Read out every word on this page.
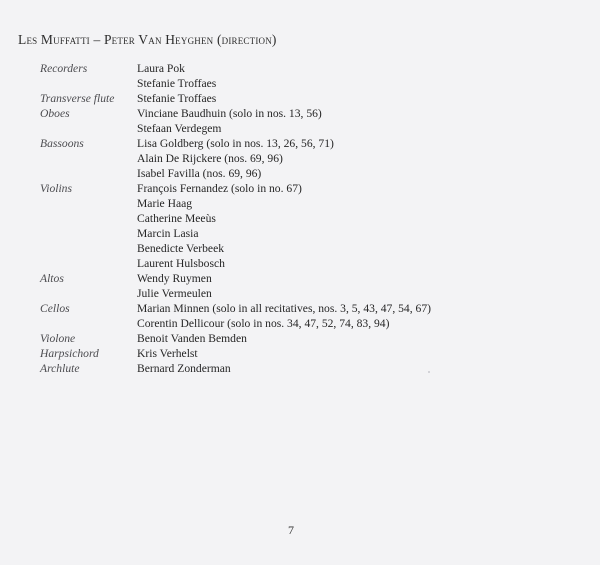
Les Muffatti – Peter Van Heyghen (direction)
Recorders	Laura Pok
Stefanie Troffaes
Transverse flute	Stefanie Troffaes
Oboes	Vinciane Baudhuin (solo in nos. 13, 56)
Stefaan Verdegem
Bassoons	Lisa Goldberg (solo in nos. 13, 26, 56, 71)
Alain De Rijckere (nos. 69, 96)
Isabel Favilla (nos. 69, 96)
Violins	François Fernandez (solo in no. 67)
Marie Haag
Catherine Meeùs
Marcin Lasia
Benedicte Verbeek
Laurent Hulsbosch
Altos	Wendy Ruymen
Julie Vermeulen
Cellos	Marian Minnen (solo in all recitatives, nos. 3, 5, 43, 47, 54, 67)
Corentin Dellicour (solo in nos. 34, 47, 52, 74, 83, 94)
Violone	Benoit Vanden Bemden
Harpsichord	Kris Verhelst
Archlute	Bernard Zonderman
7
